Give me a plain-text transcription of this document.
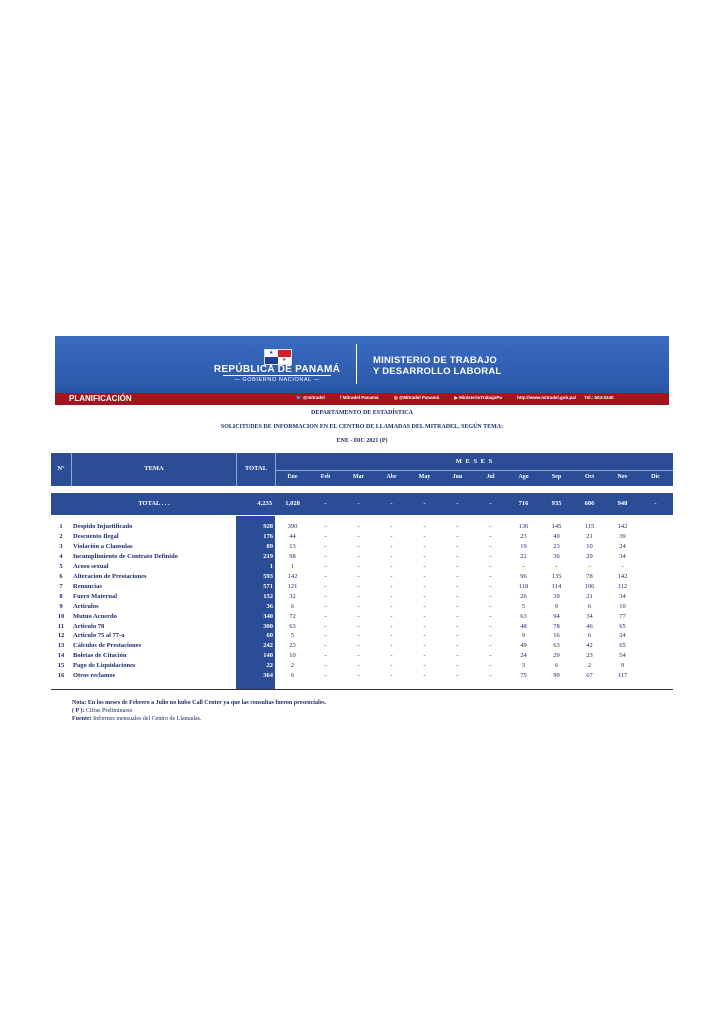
★
★
REPÚBLICA DE PANAMÁ
— GOBIERNO NACIONAL —
MINISTERIO DE TRABAJO
Y DESARROLLO LABORAL
PLANIFICACIÓN	🐦 @mitradel	f Mitradel Panamá	◎ @Mitradel Panamá	▶ MinisterioTrabajoPa	http://www.mitradel.gob.pa/ Tel.: 504-0240
DEPARTAMENTO DE ESTADÍSTICA
SOLICITUDES DE INFORMACION EN EL CENTRO DE LLAMADAS DEL MITRADEL, SEGÚN TEMA:
ENE - DIC 2021 (P)
N°	TEMA	TOTAL
M E S E S
Ene	Feb	Mar	Abr	May	Jun	Jul	Ago	Sep	Oct	Nov	Dic
TOTAL . . .	4,233	1,028	-	-	-	-	-	-	716	935	606	948	-
1	Despido Injustificado	928	390	-	-	-	-	-	-	136	145	115	142
2	Descuento Ilegal	176	44	-	-	-	-	-	-	23	49	21	39
3	Violación a Clausulas	89	13	-	-	-	-	-	-	19	23	10	24
4	Incumplimiento de Contrato Definido	219	98	-	-	-	-	-	-	22	36	29	34
5	Acoso sexual	1	1	-	-	-	-	-	-	-	-	-	-
6	Alteracion de Prestaciones	593	142	-	-	-	-	-	-	96	135	78	142
7	Renuncias	571	121	-	-	-	-	-	-	118	114	106	112
8	Fuero Maternal	152	32	-	-	-	-	-	-	26	39	21	34
9	Articulos	36	6	-	-	-	-	-	-	5	9	6	10
10	Mutuo Acuerdo	340	72	-	-	-	-	-	-	63	94	34	77
11	Articulo 78	300	63	-	-	-	-	-	-	48	78	46	65
12	Articulo 75 al 77-a	60	5	-	-	-	-	-	-	9	16	6	24
13	Cálculos de Prestaciones	242	23	-	-	-	-	-	-	49	63	42	65
14	Boletas de Citación	140	10	-	-	-	-	-	-	24	29	23	54
15	Pago de Liquidaciones	22	2	-	-	-	-	-	-	3	6	2	9
16	Otros reclamos	364	6	-	-	-	-	-	-	75	99	67	117
Nota: En los meses de Febrero a Julio no hubo Call Center ya que las consultas fueron presenciales.
( P ): Cifras Preliminares
Fuente: Informes mensuales del Centro de Llamadas.
